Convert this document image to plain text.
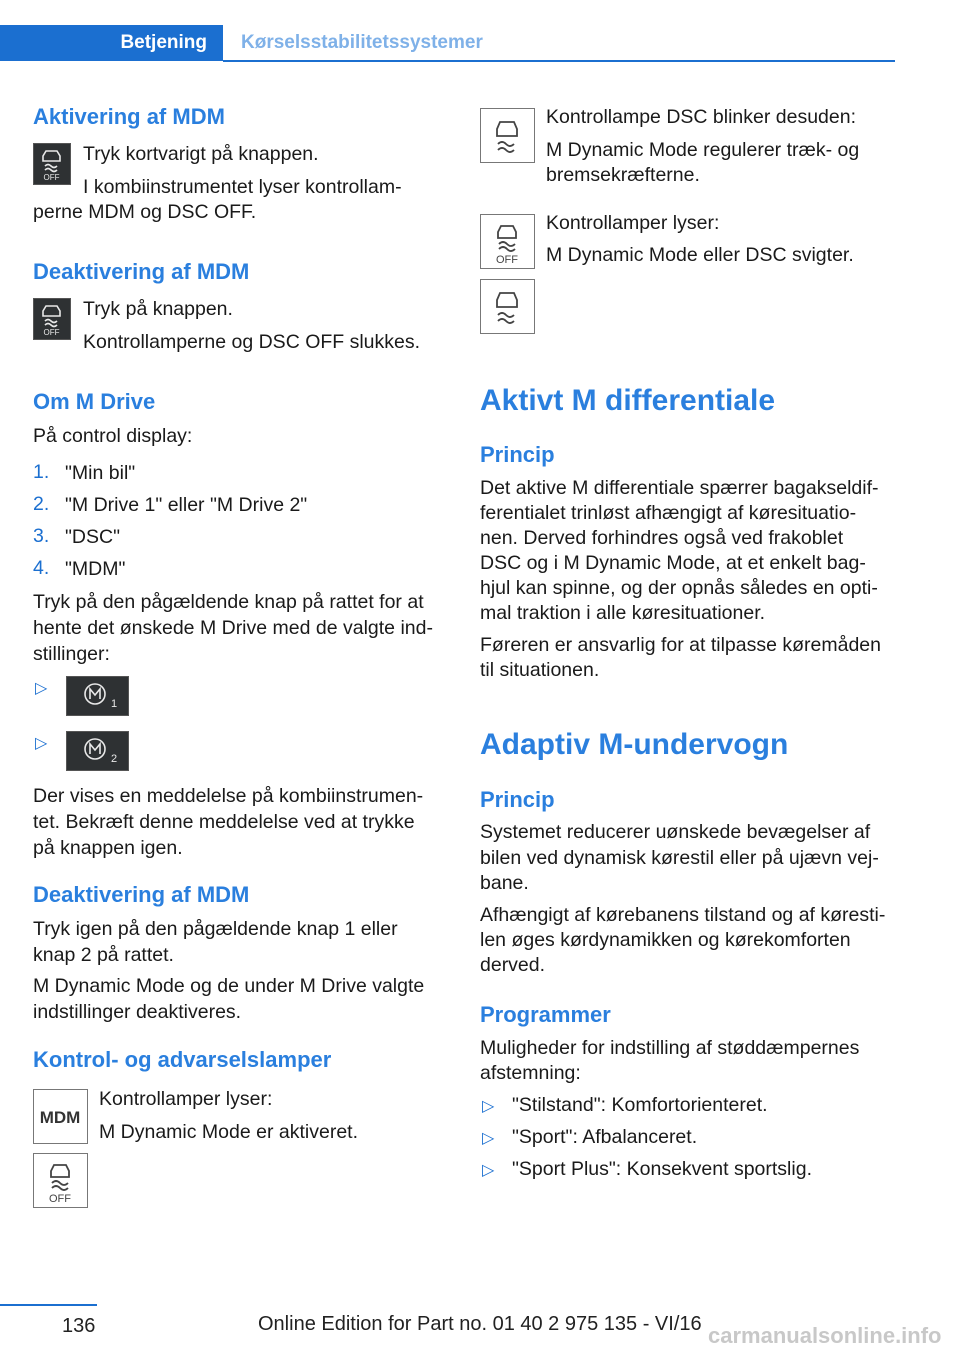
Betjening	Kørselsstabilitetssystemer
Aktivering af MDM
OFF
Tryk kortvarigt på knappen.
I kombiinstrumentet lyser kontrollam‐
perne MDM og DSC OFF.
Deaktivering af MDM
OFF
Tryk på knappen.
Kontrollamperne og DSC OFF slukkes.
Om M Drive
På control display:
1. "Min bil"
2. "M Drive 1" eller "M Drive 2"
3. "DSC"
4. "MDM"
Tryk på den pågældende knap på rattet for at
hente det ønskede M Drive med de valgte ind‐
stillinger:
▷
1
▷
2
Der vises en meddelelse på kombiinstrumen‐
tet. Bekræft denne meddelelse ved at trykke
på knappen igen.
Deaktivering af MDM
Tryk igen på den pågældende knap 1 eller
knap 2 på rattet.
M Dynamic Mode og de under M Drive valgte
indstillinger deaktiveres.
Kontrol- og advarselslamper
MDM
Kontrollamper lyser:
M Dynamic Mode er aktiveret.
OFF
Kontrollampe DSC blinker desuden:
M Dynamic Mode regulerer træk- og
bremsekræfterne.
OFF
Kontrollamper lyser:
M Dynamic Mode eller DSC svigter.
Aktivt M differentiale
Princip
Det aktive M differentiale spærrer bagakseldif‐
ferentialet trinløst afhængigt af køresituatio‐
nen. Derved forhindres også ved frakoblet
DSC og i M Dynamic Mode, at et enkelt bag‐
hjul kan spinne, og der opnås således en opti‐
mal traktion i alle køresituationer.
Føreren er ansvarlig for at tilpasse køremåden
til situationen.
Adaptiv M-undervogn
Princip
Systemet reducerer uønskede bevægelser af
bilen ved dynamisk kørestil eller på ujævn vej‐
bane.
Afhængigt af kørebanens tilstand og af køresti‐
len øges kørdynamikken og kørekomforten
derved.
Programmer
Muligheder for indstilling af støddæmpernes
afstemning:
▷ "Stilstand": Komfortorienteret.
▷ "Sport": Afbalanceret.
▷ "Sport Plus": Konsekvent sportslig.
136	Online Edition for Part no. 01 40 2 975 135 - VI/16 carmanualsonline.info
